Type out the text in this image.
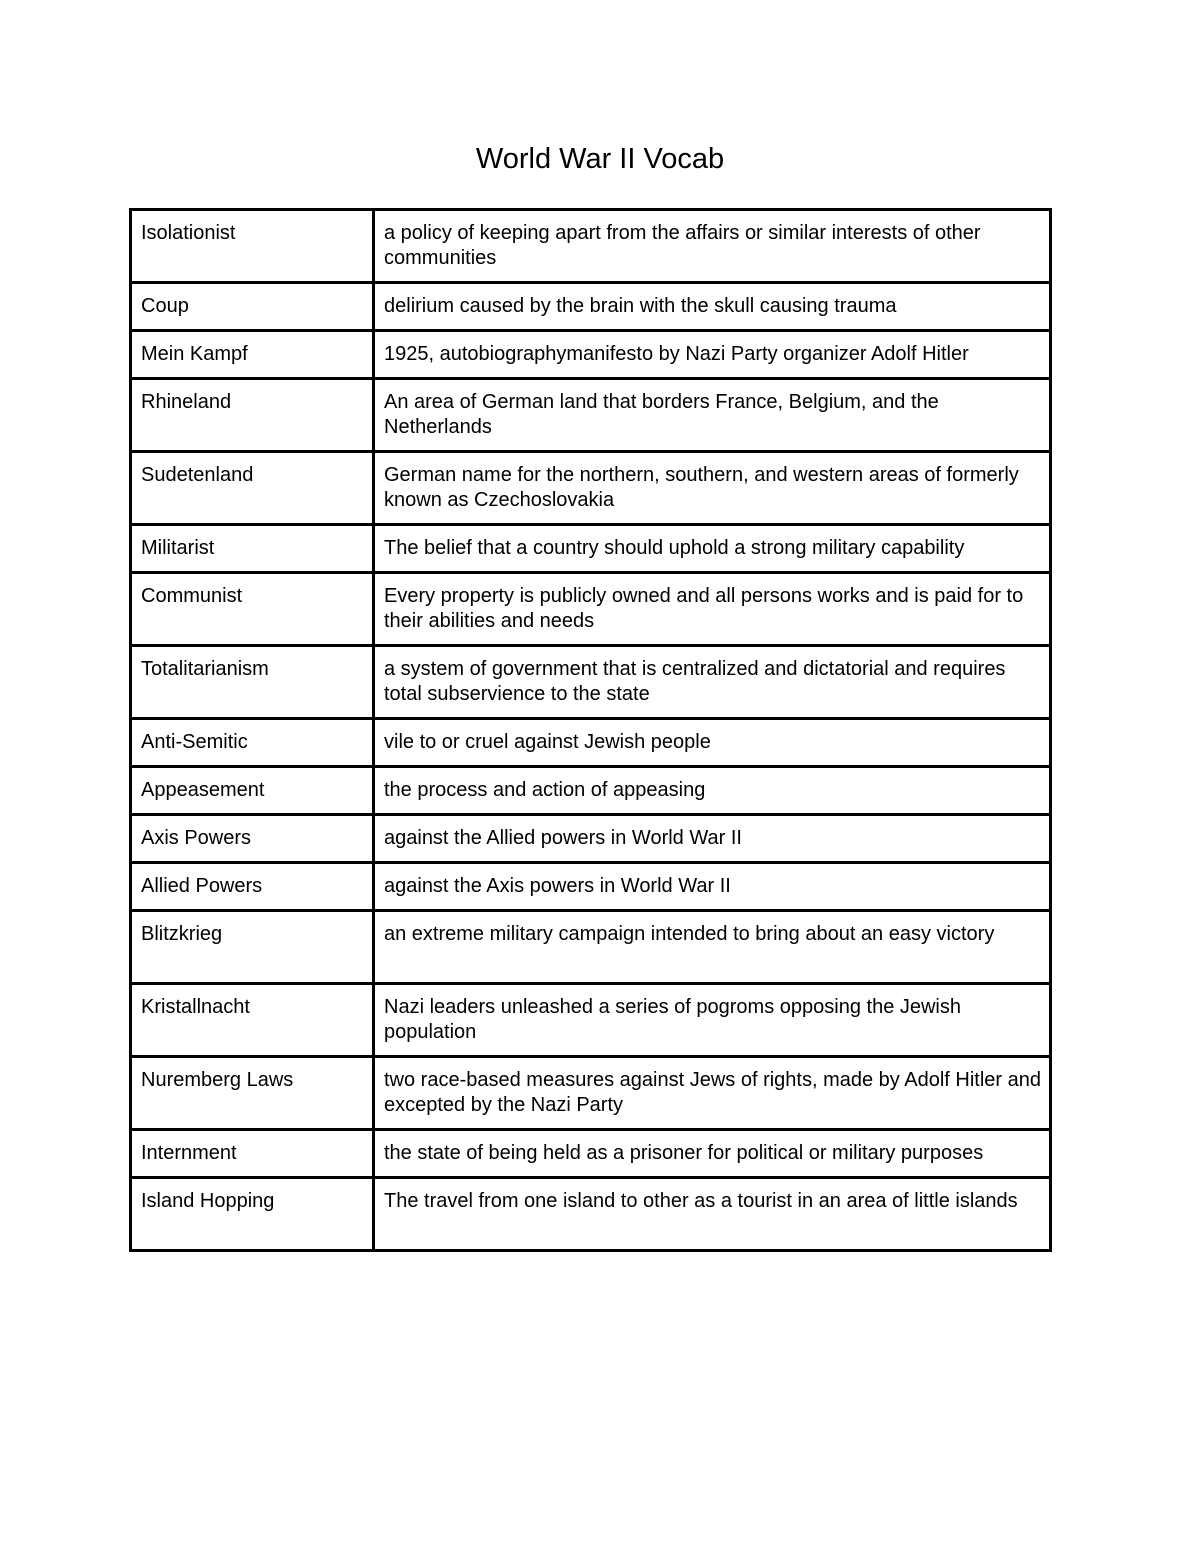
World War II Vocab
Isolationist	a policy of keeping apart from the affairs or similar interests of other communities
Coup	delirium caused by the brain with the skull causing trauma
Mein Kampf	1925, autobiographymanifesto by Nazi Party organizer Adolf Hitler
Rhineland	An area of German land that borders France, Belgium, and the Netherlands
Sudetenland	German name for the northern, southern, and western areas of formerly known as Czechoslovakia
Militarist	The belief that a country should uphold a strong military capability
Communist	Every property is publicly owned and all persons works and is paid for to their abilities and needs
Totalitarianism	a system of government that is centralized and dictatorial and requires total subservience to the state
Anti-Semitic	vile to or cruel against Jewish people
Appeasement	the process and action of appeasing
Axis Powers	against the Allied powers in World War II
Allied Powers	against the Axis powers in World War II
Blitzkrieg	an extreme military campaign intended to bring about an easy victory
Kristallnacht	Nazi leaders unleashed a series of pogroms opposing the Jewish population
Nuremberg Laws	two race-based measures against Jews of rights, made by Adolf Hitler and excepted by the Nazi Party
Internment	the state of being held as a prisoner for political or military purposes
Island Hopping	The travel from one island to other as a tourist in an area of little islands
